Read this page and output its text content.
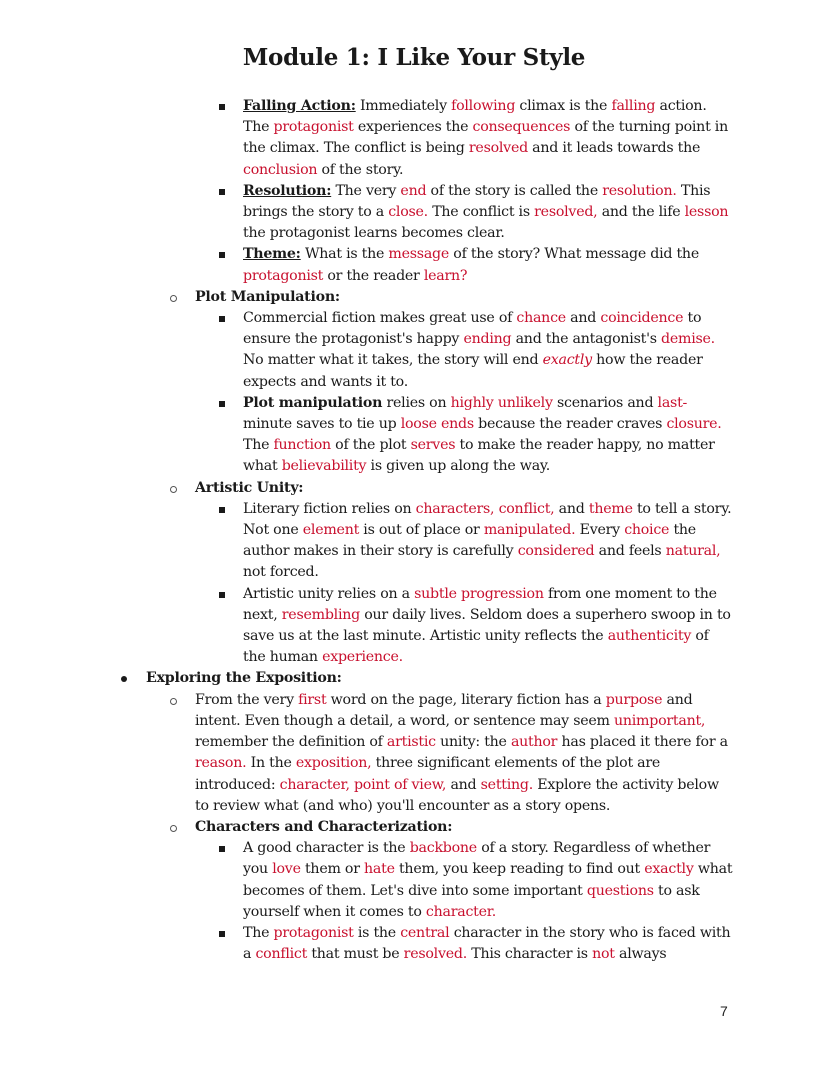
Module 1: I Like Your Style
Falling Action: Immediately following climax is the falling action. The protagonist experiences the consequences of the turning point in the climax. The conflict is being resolved and it leads towards the conclusion of the story.
Resolution: The very end of the story is called the resolution. This brings the story to a close. The conflict is resolved, and the life lesson the protagonist learns becomes clear.
Theme: What is the message of the story? What message did the protagonist or the reader learn?
Plot Manipulation:
Commercial fiction makes great use of chance and coincidence to ensure the protagonist's happy ending and the antagonist's demise. No matter what it takes, the story will end exactly how the reader expects and wants it to.
Plot manipulation relies on highly unlikely scenarios and last-minute saves to tie up loose ends because the reader craves closure. The function of the plot serves to make the reader happy, no matter what believability is given up along the way.
Artistic Unity:
Literary fiction relies on characters, conflict, and theme to tell a story. Not one element is out of place or manipulated. Every choice the author makes in their story is carefully considered and feels natural, not forced.
Artistic unity relies on a subtle progression from one moment to the next, resembling our daily lives. Seldom does a superhero swoop in to save us at the last minute. Artistic unity reflects the authenticity of the human experience.
Exploring the Exposition:
From the very first word on the page, literary fiction has a purpose and intent. Even though a detail, a word, or sentence may seem unimportant, remember the definition of artistic unity: the author has placed it there for a reason. In the exposition, three significant elements of the plot are introduced: character, point of view, and setting. Explore the activity below to review what (and who) you'll encounter as a story opens.
Characters and Characterization:
A good character is the backbone of a story. Regardless of whether you love them or hate them, you keep reading to find out exactly what becomes of them. Let's dive into some important questions to ask yourself when it comes to character.
The protagonist is the central character in the story who is faced with a conflict that must be resolved. This character is not always
7
